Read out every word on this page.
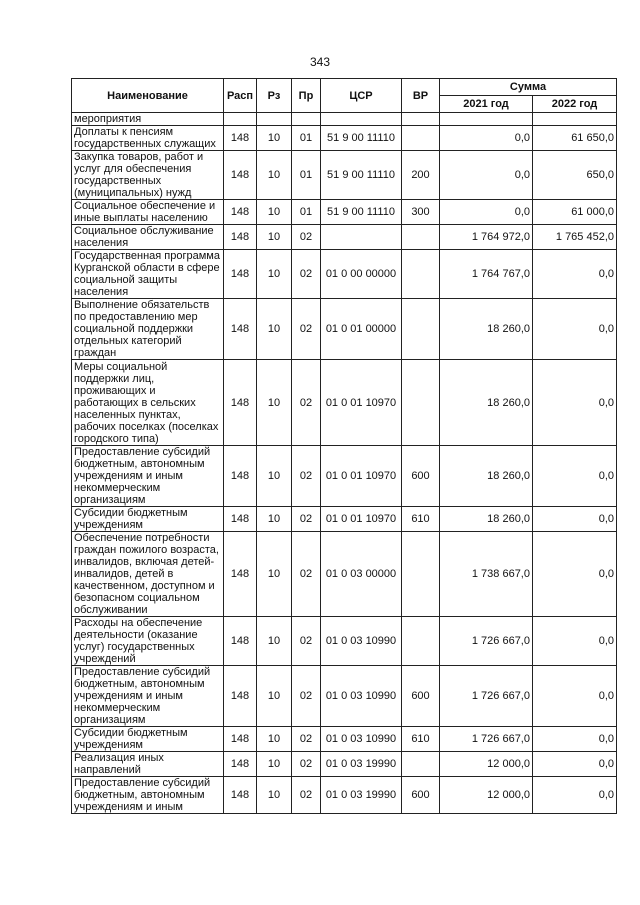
343
Наименование	Расп	Рз	Пр	ЦСР	ВР	Сумма	
						2021 год	2022 год
мероприятия							
Доплаты к пенсиям государственных служащих	148	10	01	51 9 00 11110		0,0	61 650,0
Закупка товаров, работ и услуг для обеспечения государственных (муниципальных) нужд	148	10	01	51 9 00 11110	200	0,0	650,0
Социальное обеспечение и иные выплаты населению	148	10	01	51 9 00 11110	300	0,0	61 000,0
Социальное обслуживание населения	148	10	02			1 764 972,0	1 765 452,0
Государственная программа Курганской области в сфере социальной защиты населения	148	10	02	01 0 00 00000		1 764 767,0	0,0
Выполнение обязательств по предоставлению мер социальной поддержки отдельных категорий граждан	148	10	02	01 0 01 00000		18 260,0	0,0
Меры социальной поддержки лиц, проживающих и работающих в сельских населенных пунктах, рабочих поселках (поселках городского типа)	148	10	02	01 0 01 10970		18 260,0	0,0
Предоставление субсидий бюджетным, автономным учреждениям и иным некоммерческим организациям	148	10	02	01 0 01 10970	600	18 260,0	0,0
Субсидии бюджетным учреждениям	148	10	02	01 0 01 10970	610	18 260,0	0,0
Обеспечение потребности граждан пожилого возраста, инвалидов, включая детей-инвалидов, детей в качественном, доступном и безопасном социальном обслуживании	148	10	02	01 0 03 00000		1 738 667,0	0,0
Расходы на обеспечение деятельности (оказание услуг) государственных учреждений	148	10	02	01 0 03 10990		1 726 667,0	0,0
Предоставление субсидий бюджетным, автономным учреждениям и иным некоммерческим организациям	148	10	02	01 0 03 10990	600	1 726 667,0	0,0
Субсидии бюджетным учреждениям	148	10	02	01 0 03 10990	610	1 726 667,0	0,0
Реализация иных направлений	148	10	02	01 0 03 19990		12 000,0	0,0
Предоставление субсидий бюджетным, автономным учреждениям и иным	148	10	02	01 0 03 19990	600	12 000,0	0,0
